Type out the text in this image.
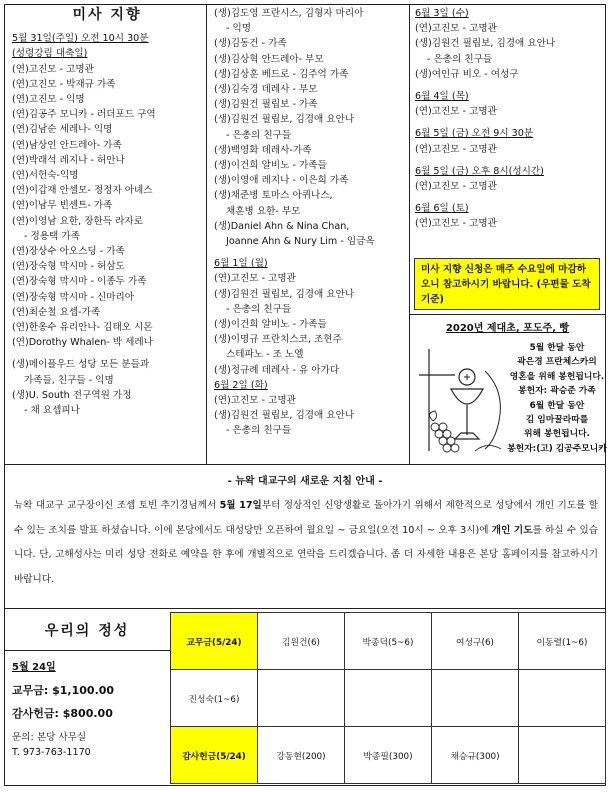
미사 지향
5월 31일(주일) 오전 10시 30분
(성령강림 대축일)
(연)고진모 - 고명관
(연)고진모 - 박재규 가족
(연)고진모 - 익명
(연)김공주 모니카 - 러더포드 구역
(연)김남순 세레나- 익명
(연)남상인 안드레아- 가족
(연)박래석 레지나 - 허안나
(연)서헌숙-익명
(연)이갑재 안셀모- 정정자 아녜스
(연)이남무 빈센트- 가족
(연)이영남 요한, 장한득 라자로
- 정용택 가족
(연)장상수 아오스딩 - 가족
(연)장숙형 막시마 - 허삼도
(연)장숙형 막시마 - 이종두 가족
(연)장숙형 막시마 - 신마리아
(연)최순철 요셉-가족
(연)한옹수 유리안나- 김태오 시몬
(연)Dorothy Whalen- 박 세레나
(생)메이플우드 성당 모든 분들과
가족들, 친구들 - 익명
(생)U. South 전구역원 가정
- 채 요셉피나
(생)김도영 프란시스, 김형자 마리아
- 익명
(생)김동건 - 가족
(생)김상혁 안드레아- 부모
(생)김상훈 베드로 - 김주억 가족
(생)김숙경 데레사 - 부모
(생)김원건 필립보 - 가족
(생)김원건 필립보, 김경애 요안나
- 은총의 친구들
(생)백영화 데레사-가족
(생)이건희 알비노 - 가족들
(생)이영애 레지나 - 이은희 가족
(생)채준병 토마스 아퀴나스,
채훈병 요한- 부모
(생)Daniel Ahn & Nina Chan,
Joanne Ahn & Nury Lim - 임금옥
6월 1일 (월)
(연)고진모 - 고명관
(생)김원건 필립보, 김경애 요안나
- 은총의 친구들
(생)이건희 알비노 - 가족들
(생)이명규 프란치스코, 조현주
스테파노 - 조 노엘
(생)정규례 데레사 - 유 아가다
6월 2일 (화)
(연)고진모 - 고명관
(생)김원건 필립보, 김경애 요안나
- 은총의 친구들
6월 3일 (수)
(연)고진모 - 고명관
(생)김원건 필립보, 김경애 요안나
- 은총의 친구들
(생)여인규 비오 - 여성구
6월 4일 (목)
(연)고진모 - 고명관
6월 5일 (금) 오전 9시 30분
(연)고진모 - 고명관
6월 5일 (금) 오후 8시(성시간)
(연)고진모 - 고명관
6월 6일 (토)
(연)고진모 - 고명관
미사 지향 신청은 매주 수요일에 마감하오니 참고하시기 바랍니다. (우편물 도착 기준)
2020년 제대초, 포도주, 빵
5월 한달 동안
곽은경 프란체스카의
영혼을 위해 봉헌됩니다.
봉헌자: 곽승준 가족
6월 한달 동안
김 임마꿀라따를
위해 봉헌됩니다.
봉헌자:(고) 김공주모니카
- 뉴왁 대교구의 새로운 지침 안내 -
뉴왁 대교구 교구장이신 조셉 토빈 추기경님께서 5월 17일부터 정상적인 신앙생활로 돌아가기 위해서 제한적으로 성당에서 개인 기도를 할 수 있는 조치를 발표 하셨습니다. 이에 본당에서도 대성당만 오픈하여 월요일 ~ 금요일(오전 10시 ~ 오후 3시)에 개인 기도를 하실 수 있습니다. 단, 고해성사는 미리 성당 전화로 예약을 한 후에 개별적으로 연락을 드리겠습니다. 좀 더 자세한 내용은 본당 홈페이지를 참고하시기 바랍니다.
우리의 정성
5월 24일
교무금: $1,100.00
감사헌금: $800.00
문의: 본당 사무실
T. 973-763-1170
교무금(5/24)	김원건(6)	박종덕(5~6)	여성구(6)	이동렬(1~6)
진성숙(1~6)				
감사헌금(5/24)	강동현(200)	박종필(300)	채승규(300)	
